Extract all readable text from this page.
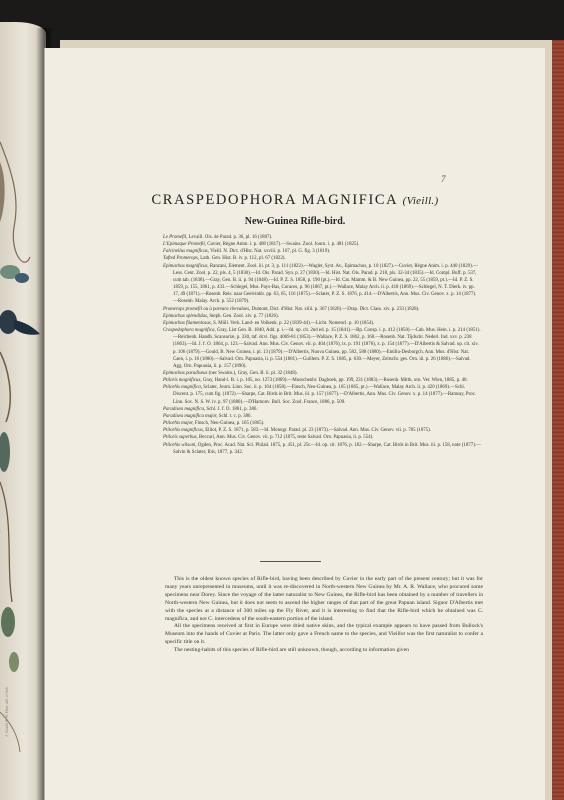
J. Gould & W. Hart, del. et lith.
7
CRASPEDOPHORA MAGNIFICA (Vieill.)
New-Guinea Rifle-bird.
Le Promefil, Levaill. Ois. de Parad. p. 36, pl. 16 (1807).
L'Epimaque Promefil, Cuvier, Règne Anim. i. p. 408 (1817).—Swains. Zool. Journ. i. p. 481 (1825).
Falcinellus magnificus, Vieill. N. Dict. d'Hist. Nat. xxviii. p. 167, pl. G. fig. 3 (1819).
Tufted Promerops, Lath. Gen. Hist. B. iv. p. 112, pl. 67 (1822).
Epimachus magnificus, Ranzani, Element. Zool. iii. pt. 3, p. 111 (1822).—Wagler, Syst. Av., Epimachus, p. 10 (1827).—Cuvier, Règne Anim. i. p. 440 (1829).—Less. Cent. Zool. p. 22, pls. 4, 5 (1830).—Id. Ois. Parad. Syn. p. 27 (1830).—Id. Hist. Nat. Ois. Parad. p. 218, pls. 32-34 (1835).—Id. Compl. Buff. p. 537, cum tab. (1838).—Gray, Gen. B. ii. p. 94 (1848).—Id. P. Z. S. 1858, p. 190 (pt.).—Id. Cat. Mamm. & B. New Guinea, pp. 22, 55 (1859, pt.).—Id. P. Z. S. 1859, p. 155, 1861, p. 433.—Schlegel, Mus. Pays-Bas, Coraces, p. 96 (1867, pt.).—Wallace, Malay Arch. ii. p. 418 (1869).—Schlegel, N. T. Dierk. iv. pp. 17, 49 (1871).—Rosenb. Reis. naar Geelvinkb. pp. 63, 65, 116 (1875).—Sclater, P. Z. S. 1876, p. 414.—D'Albertis, Ann. Mus. Civ. Genov. x. p. 14 (1877).—Rosenb. Malay. Arch. p. 552 (1879).
Promerops promefil ou à pareura chevalues, Dumont, Dict. d'Hist. Nat. xliii. p. 367 (1826).—Drap. Dict. Class. xiv. p. 233 (1828).
Epimachus splendidus, Steph. Gen. Zool. xiv. p. 77 (1826).
Epimachus filamentosus, S. Müll. Verh. Land- en Volkenk. p. 22 (1839-44).—Licht. Nomencl. p. 10 (1854).
Craspedophora magnifica, Gray, List Gen. B. 1840, Add. p. i.—Id. op. cit. 2nd ed. p. 15 (1841).—Bp. Consp. i. p. 412 (1850).—Cab. Mus. Hein. i. p. 214 (1851).—Reichenb. Handb. Scansoriæ, p. 330, taf. dcvi. figs. 4069-81 (1853).—Wallace, P. Z. S. 1862, p. 160.—Rosenb. Nat. Tijdschr. Nederl. Ind. xxv. p. 238 (1863).—Id. J. f. O. 1864, p. 123.—Salvad. Ann. Mus. Civ. Genov. vii. p. 404 (1876), ix. p. 191 (1876), x. p. 154 (1877).—D'Albertis & Salvad. op. cit. xiv. p. 106 (1879).—Gould, B. New Guinea, i. pl. 13 (1879).—D'Albertis, Nuova Guinea, pp. 582, 588 (1880).—Emiliu-Desborgch. Ann. Mus. d'Hist. Nat. Caen, i. p. 16 (1880).—Salvad. Orn. Papuasia, ii. p. 554 (1881).—Guillem. P. Z. S. 1885, p. 630.—Meyer, Zeitschr. ges. Orn. iii. p. 26 (1886).—Salvad. Agg. Orn. Papuasia, ii. p. 157 (1890).
Epimachus paradiseus (nec Swains.), Gray, Gen. B. ii. pl. 32 (1848).
Ptiloris magnificus, Gray, Hand-l. B. i. p. 105, no. 1273 (1869).—Musschenbr. Dagboek, pp. 199, 231 (1883).—Rosenb. Mitth. orn. Ver. Wien, 1885, p. 40.
Ptilorhis magnifica, Sclater, Journ. Linn. Soc. ii. p. 164 (1858).—Finsch, Neu-Guinea, p. 165 (1865, pt.).—Wallace, Malay Arch. ii. p. 420 (1869).—Schl. Discent. p. 175, cum fig. (1872).—Sharpe, Cat. Birds in Brit. Mus. iii. p. 157 (1877).—D'Albertis, Ann. Mus. Civ. Genov. x. p. 14 (1877).—Ramsay, Proc. Linn. Soc. N. S. W. iv. p. 97 (1880).—D'Hamonv. Bull. Soc. Zool. France, 1886, p. 509.
Paradisea magnifica, Schl. J. f. O. 1861, p. 386.
Paradisea magnifica major, Schl. t. c. p. 386.
Ptilorhis major, Finsch, Neu-Guinea, p. 165 (1865).
Ptilorhis magnificus, Elliot, P. Z. S. 1871, p. 583.—Id. Monogr. Parad. pl. 23 (1873).—Salvad. Ann. Mus. Civ. Genov. vii. p. 785 (1875).
Ptiloris superbus, Beccari, Ann. Mus. Civ. Genov. vii. p. 712 (1875, teste Salvad. Orn. Papuasia, ii. p. 554).
Ptilorhis wilsoni, Ogden, Proc. Acad. Nat. Sci. Philad. 1875, p. 451, pl. 25t.—Id. op. cit. 1876, p. 182.—Sharpe, Cat. Birds in Brit. Mus. iii. p. 158, note (1877).—Salvin & Sclater, Ibis, 1877, p. 342.

This is the oldest known species of Rifle-bird, having been described by Cuvier in the early part of the present century; but it was for many years unrepresented in museums, until it was re-discovered in North-western New Guinea by Mr. A. R. Wallace, who procured some specimens near Dorey. Since the voyage of the latter naturalist to New Guinea, the Rifle-bird has been obtained by a number of travellers in North-western New Guinea, but it does not seem to ascend the higher ranges of that part of the great Papuan island. Signor D'Albertis met with the species at a distance of 300 miles up the Fly River, and it is interesting to find that the Rifle-bird which he obtained was C. magnifica, and not C. intercedens of the south-eastern portion of the island.

All the specimens received at first in Europe were dried native skins, and the typical example appears to have passed from Bullock's Museum into the hands of Cuvier at Paris. The latter only gave a French name to the species, and Vieillot was the first naturalist to confer a specific title on it.

The nesting-habits of this species of Rifle-bird are still unknown, though, according to information given
